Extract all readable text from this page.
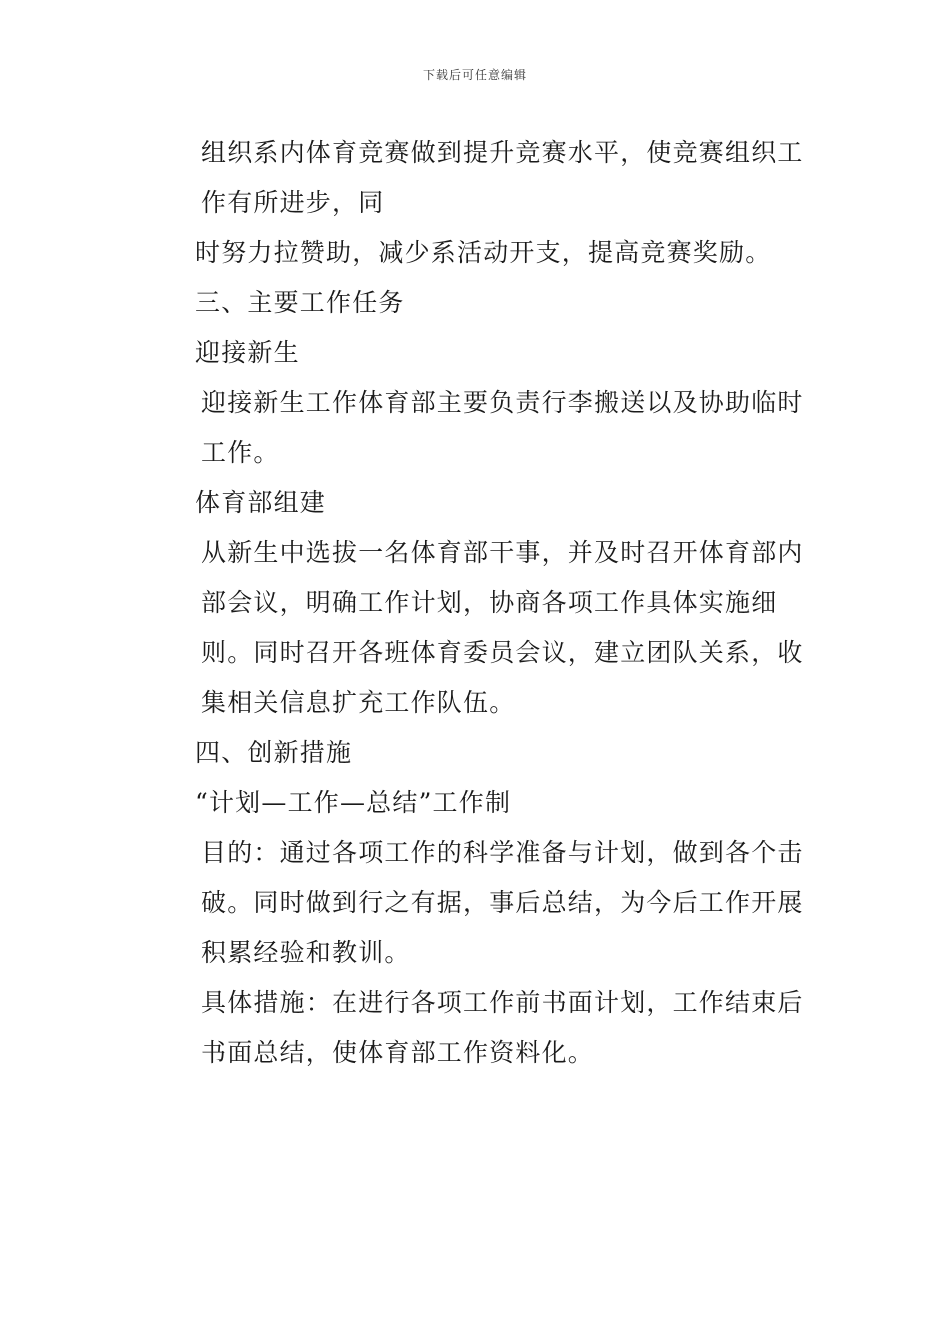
下载后可任意编辑

组织系内体育竞赛做到提升竞赛水平，使竞赛组织工作有所进步，同

时努力拉赞助，减少系活动开支，提高竞赛奖励。

三、主要工作任务

迎接新生

迎接新生工作体育部主要负责行李搬送以及协助临时工作。

体育部组建

从新生中选拔一名体育部干事，并及时召开体育部内部会议，明确工作计划，协商各项工作具体实施细则。同时召开各班体育委员会议，建立团队关系，收集相关信息扩充工作队伍。

四、创新措施

“计划—工作—总结”工作制

目的：通过各项工作的科学准备与计划，做到各个击破。同时做到行之有据，事后总结，为今后工作开展积累经验和教训。

具体措施：在进行各项工作前书面计划，工作结束后书面总结，使体育部工作资料化。
